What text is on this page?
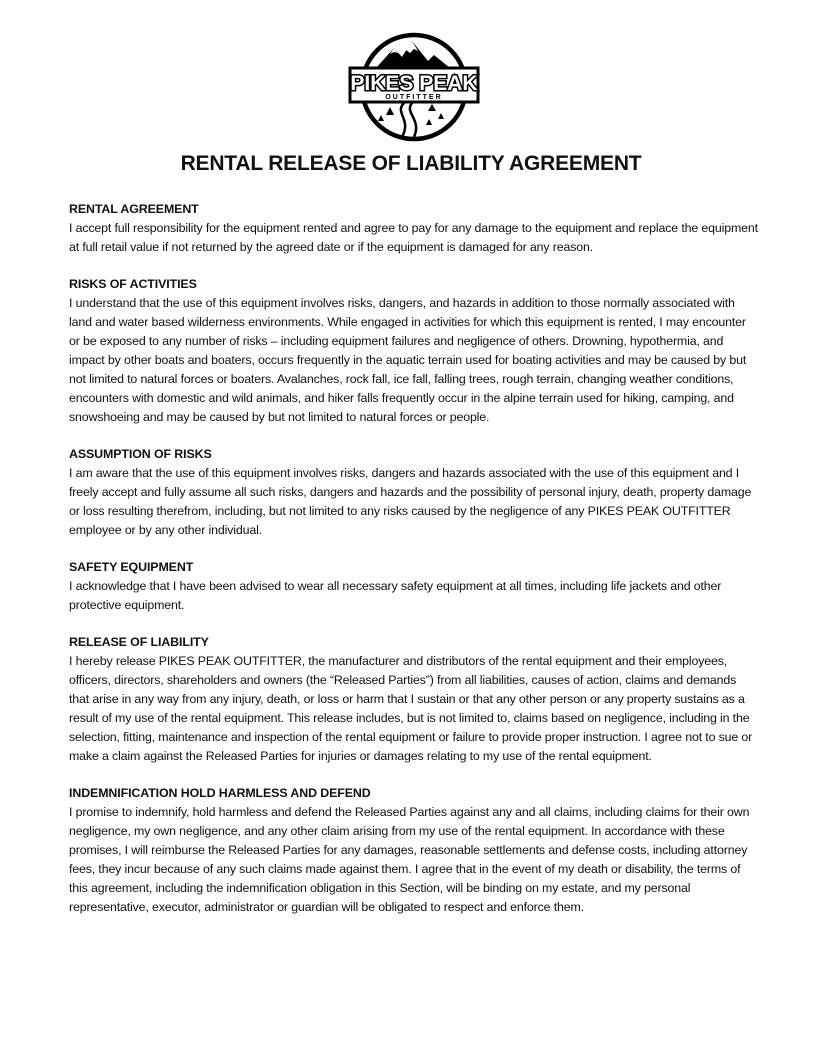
PIKES PEAK
OUTFITTER
RENTAL RELEASE OF LIABILITY AGREEMENT
RENTAL AGREEMENT

I accept full responsibility for the equipment rented and agree to pay for any damage to the equipment and replace the equipment at full retail value if not returned by the agreed date or if the equipment is damaged for any reason.

RISKS OF ACTIVITIES

I understand that the use of this equipment involves risks, dangers, and hazards in addition to those normally associated with land and water based wilderness environments. While engaged in activities for which this equipment is rented, I may encounter or be exposed to any number of risks – including equipment failures and negligence of others. Drowning, hypothermia, and impact by other boats and boaters, occurs frequently in the aquatic terrain used for boating activities and may be caused by but not limited to natural forces or boaters. Avalanches, rock fall, ice fall, falling trees, rough terrain, changing weather conditions, encounters with domestic and wild animals, and hiker falls frequently occur in the alpine terrain used for hiking, camping, and snowshoeing and may be caused by but not limited to natural forces or people.

ASSUMPTION OF RISKS

I am aware that the use of this equipment involves risks, dangers and hazards associated with the use of this equipment and I freely accept and fully assume all such risks, dangers and hazards and the possibility of personal injury, death, property damage or loss resulting therefrom, including, but not limited to any risks caused by the negligence of any PIKES PEAK OUTFITTER employee or by any other individual.

SAFETY EQUIPMENT

I acknowledge that I have been advised to wear all necessary safety equipment at all times, including life jackets and other protective equipment.

RELEASE OF LIABILITY

I hereby release PIKES PEAK OUTFITTER, the manufacturer and distributors of the rental equipment and their employees, officers, directors, shareholders and owners (the “Released Parties”) from all liabilities, causes of action, claims and demands that arise in any way from any injury, death, or loss or harm that I sustain or that any other person or any property sustains as a result of my use of the rental equipment. This release includes, but is not limited to, claims based on negligence, including in the selection, fitting, maintenance and inspection of the rental equipment or failure to provide proper instruction. I agree not to sue or make a claim against the Released Parties for injuries or damages relating to my use of the rental equipment.

INDEMNIFICATION HOLD HARMLESS AND DEFEND

I promise to indemnify, hold harmless and defend the Released Parties against any and all claims, including claims for their own negligence, my own negligence, and any other claim arising from my use of the rental equipment. In accordance with these promises, I will reimburse the Released Parties for any damages, reasonable settlements and defense costs, including attorney fees, they incur because of any such claims made against them. I agree that in the event of my death or disability, the terms of this agreement, including the indemnification obligation in this Section, will be binding on my estate, and my personal representative, executor, administrator or guardian will be obligated to respect and enforce them.
